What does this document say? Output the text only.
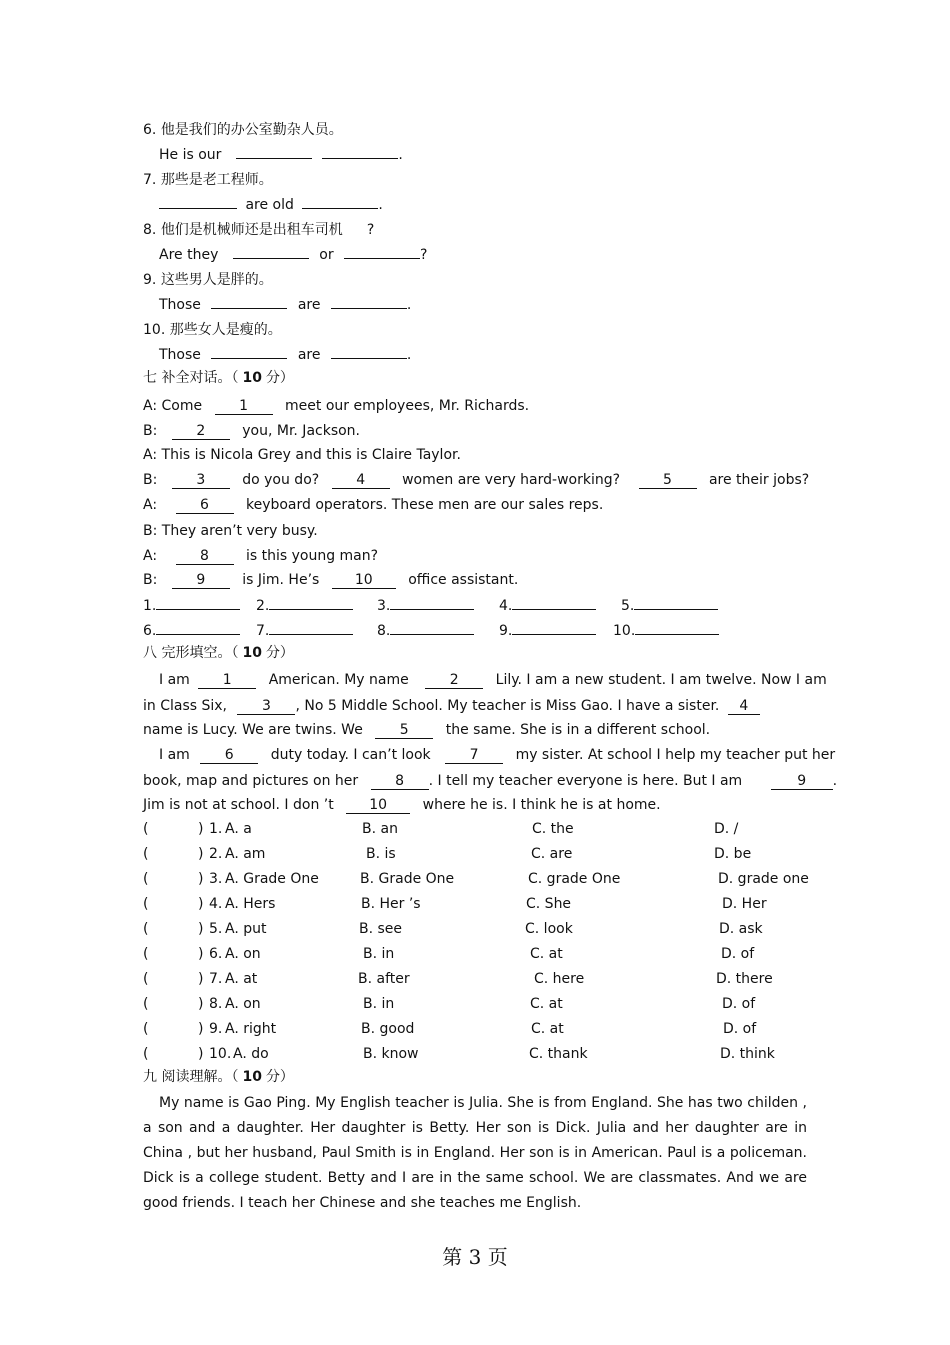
6. 他是我们的办公室勤杂人员。
He is our	.
7. 那些是老工程师。
are old	.
8. 他们是机械师还是出租车司机 ?
Are they	or	?
9. 这些男人是胖的。
Those	are	.
10. 那些女人是瘦的。
Those	are	.
七 补全对话。（ 10 分）
A: Come	1	meet our employees, Mr. Richards.
B:	2	you, Mr. Jackson.
A: This is Nicola Grey and this is Claire Taylor.
B:	3	do you do?	4	women are very hard-working?	5	are their jobs?
A:	6	keyboard operators. These men are our sales reps.
B: They aren’t very busy.
A:	8	is this young man?
B:	9	is Jim. He’s	10	office assistant.
1.	2.	3.	4.	5.
6.	7.	8.	9.	10.
八 完形填空。（ 10 分）
I am 1	American. My name	2	Lily. I am a new student. I am twelve. Now I am
in Class Six, 3 , No 5 Middle School. My teacher is Miss Gao. I have a sister. 4
name is Lucy. We are twins. We	5	the same. She is in a different school.
I am 6	duty today. I can’t look	7	my sister. At school I help my teacher put her
book, map and pictures on her	8 . I tell my teacher everyone is here. But I am	9 .
Jim is not at school. I don ’t	10	where he is. I think he is at home.
(	) 1. A. a	B. an	C. the	D. /
(	) 2. A. am	B. is	C. are	D. be
(	) 3. A. Grade One	B. Grade One	C. grade One	D. grade one
(	) 4. A. Hers	B. Her ’s	C. She	D. Her
(	) 5. A. put	B. see	C. look	D. ask
(	) 6. A. on	B. in	C. at	D. of
(	) 7. A. at	B. after	C. here	D. there
(	) 8. A. on	B. in	C. at	D. of
(	) 9. A. right	B. good	C. at	D. of
(	) 10. A. do	B. know	C. thank	D. think
九 阅读理解。（ 10 分）
My name is Gao Ping. My English teacher is Julia. She is from England. She has two childen , a son and a daughter. Her daughter is Betty. Her son is Dick. Julia and her daughter are in China , but her husband, Paul Smith is in England. Her son is in American. Paul is a policeman. Dick is a college student. Betty and I are in the same school. We are classmates. And we are good friends. I teach her Chinese and she teaches me English.
第 3 页
